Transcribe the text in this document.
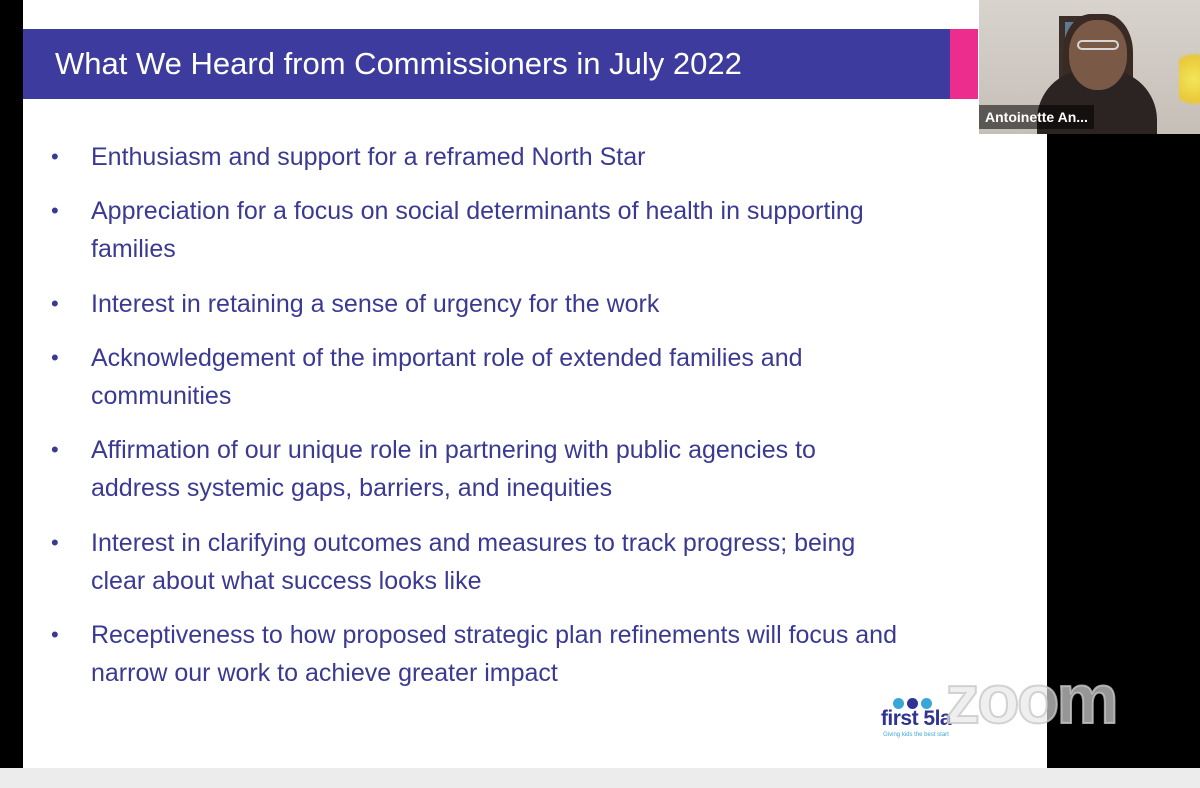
What We Heard from Commissioners in July 2022
• Enthusiasm and support for a reframed North Star
• Appreciation for a focus on social determinants of health in supporting
families
• Interest in retaining a sense of urgency for the work
• Acknowledgement of the important role of extended families and
communities
• Affirmation of our unique role in partnering with public agencies to
address systemic gaps, barriers, and inequities
• Interest in clarifying outcomes and measures to track progress; being
clear about what success looks like
• Receptiveness to how proposed strategic plan refinements will focus and
narrow our work to achieve greater impact
first 5la
Giving kids the best start
zoom
Antoinette An...
